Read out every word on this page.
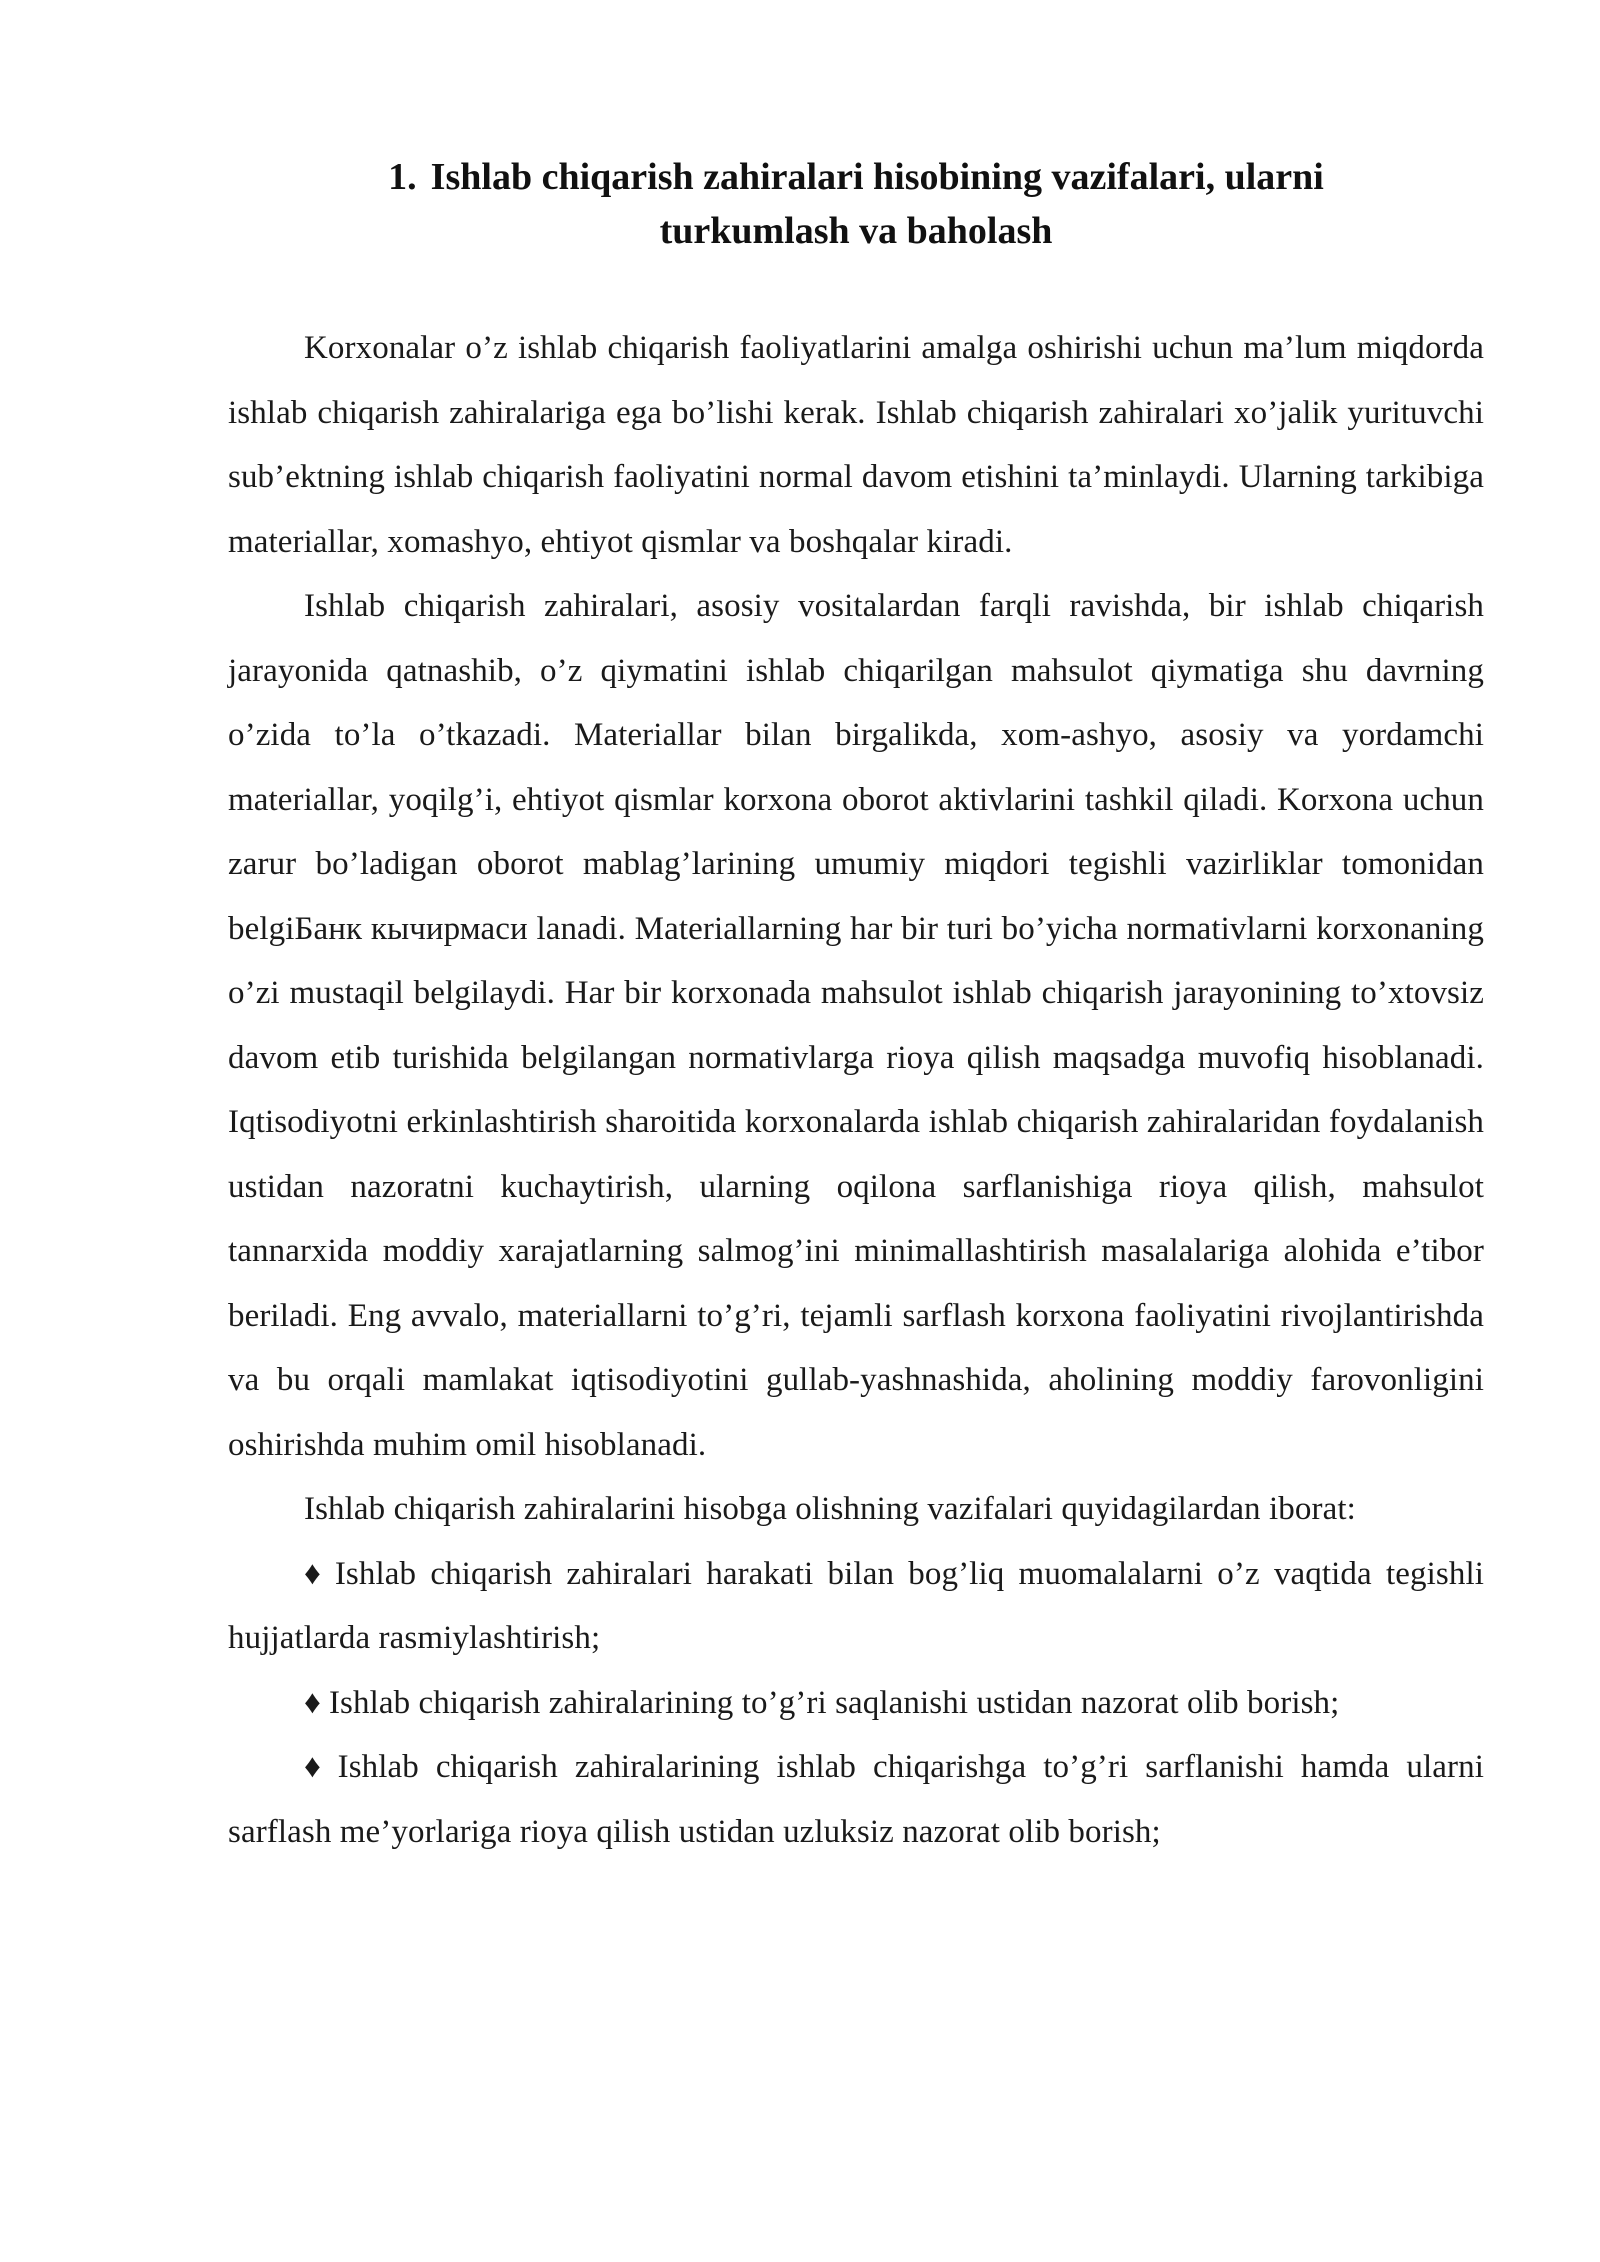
1. Ishlab chiqarish zahiralari hisobining vazifalari, ularni
turkumlash va baholash

Korxonalar o’z ishlab chiqarish faoliyatlarini amalga oshirishi uchun ma’lum miqdorda ishlab chiqarish zahiralariga ega bo’lishi kerak. Ishlab chiqarish zahiralari xo’jalik yurituvchi sub’ektning ishlab chiqarish faoliyatini normal davom etishini ta’minlaydi. Ularning tarkibiga materiallar, xomashyo, ehtiyot qismlar va boshqalar kiradi.

Ishlab chiqarish zahiralari, asosiy vositalardan farqli ravishda, bir ishlab chiqarish jarayonida qatnashib, o’z qiymatini ishlab chiqarilgan mahsulot qiymatiga shu davrning o’zida to’la o’tkazadi. Materiallar bilan birgalikda, xom-ashyo, asosiy va yordamchi materiallar, yoqilg’i, ehtiyot qismlar korxona oborot aktivlarini tashkil qiladi. Korxona uchun zarur bo’ladigan oborot mablag’larining umumiy miqdori tegishli vazirliklar tomonidan belgiБанк кычирмаси lanadi. Materiallarning har bir turi bo’yicha normativlarni korxonaning o’zi mustaqil belgilaydi. Har bir korxonada mahsulot ishlab chiqarish jarayonining to’xtovsiz davom etib turishida belgilangan normativlarga rioya qilish maqsadga muvofiq hisoblanadi. Iqtisodiyotni erkinlashtirish sharoitida korxonalarda ishlab chiqarish zahiralaridan foydalanish ustidan nazoratni kuchaytirish, ularning oqilona sarflanishiga rioya qilish, mahsulot tannarxida moddiy xarajatlarning salmog’ini minimallashtirish masalalariga alohida e’tibor beriladi. Eng avvalo, materiallarni to’g’ri, tejamli sarflash korxona faoliyatini rivojlantirishda va bu orqali mamlakat iqtisodiyotini gullab-yashnashida, aholining moddiy farovonligini oshirishda muhim omil hisoblanadi.

Ishlab chiqarish zahiralarini hisobga olishning vazifalari quyidagilardan iborat:

♦ Ishlab chiqarish zahiralari harakati bilan bog’liq muomalalarni o’z vaqtida tegishli hujjatlarda rasmiylashtirish;

♦ Ishlab chiqarish zahiralarining to’g’ri saqlanishi ustidan nazorat olib borish;

♦ Ishlab chiqarish zahiralarining ishlab chiqarishga to’g’ri sarflanishi hamda ularni sarflash me’yorlariga rioya qilish ustidan uzluksiz nazorat olib borish;
